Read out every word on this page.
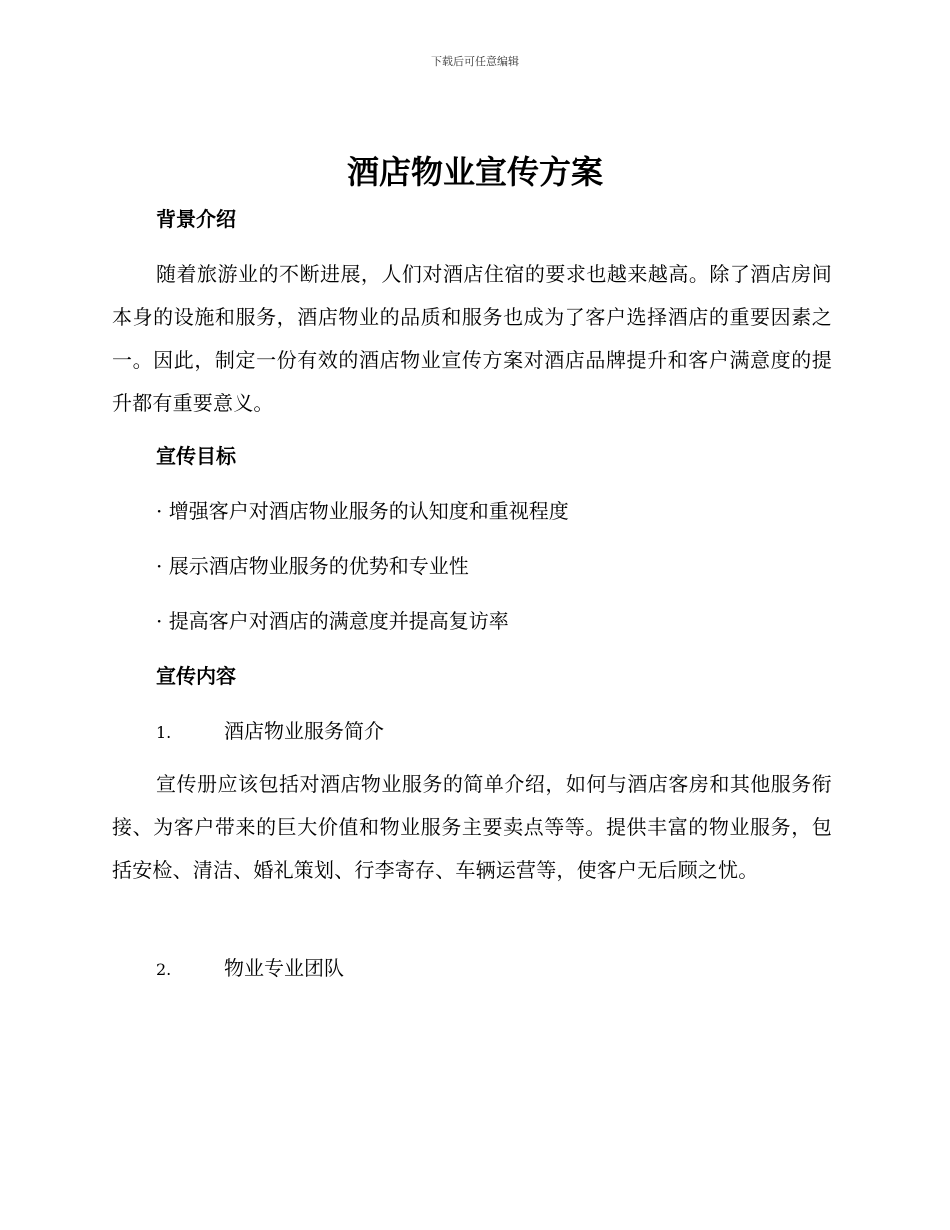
下载后可任意编辑
酒店物业宣传方案
背景介绍

随着旅游业的不断进展，人们对酒店住宿的要求也越来越高。除了酒店房间本身的设施和服务，酒店物业的品质和服务也成为了客户选择酒店的重要因素之一。因此，制定一份有效的酒店物业宣传方案对酒店品牌提升和客户满意度的提升都有重要意义。

宣传目标

· 增强客户对酒店物业服务的认知度和重视程度

· 展示酒店物业服务的优势和专业性

· 提高客户对酒店的满意度并提高复访率

宣传内容

1.	酒店物业服务简介

宣传册应该包括对酒店物业服务的简单介绍，如何与酒店客房和其他服务衔接、为客户带来的巨大价值和物业服务主要卖点等等。提供丰富的物业服务，包括安检、清洁、婚礼策划、行李寄存、车辆运营等，使客户无后顾之忧。

2.	物业专业团队
